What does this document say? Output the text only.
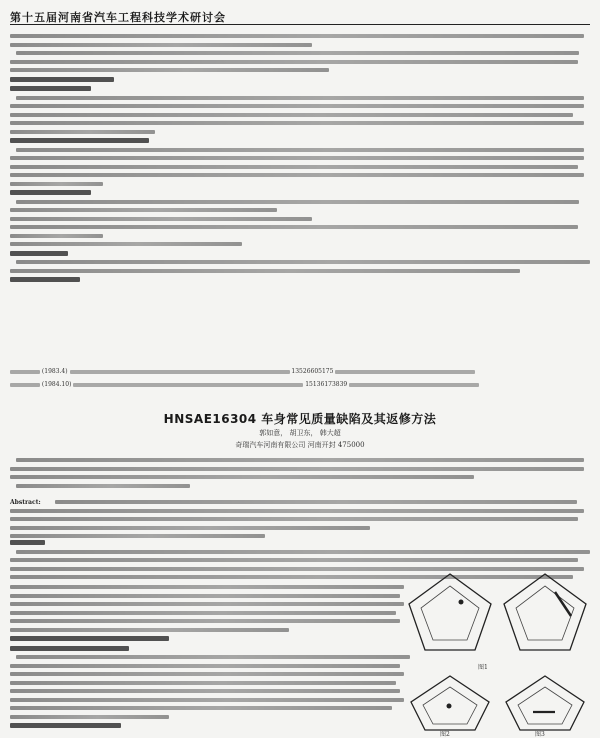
第十五届河南省汽车工程科技学术研讨会
(1983.4)	13526605175
(1984.10)	15136173839
HNSAE16304 车身常见质量缺陷及其返修方法
郭如意， 胡卫东， 韩大超
奇瑞汽车河南有限公司 河南开封 475000
Abstract:
图1
图2	图3
